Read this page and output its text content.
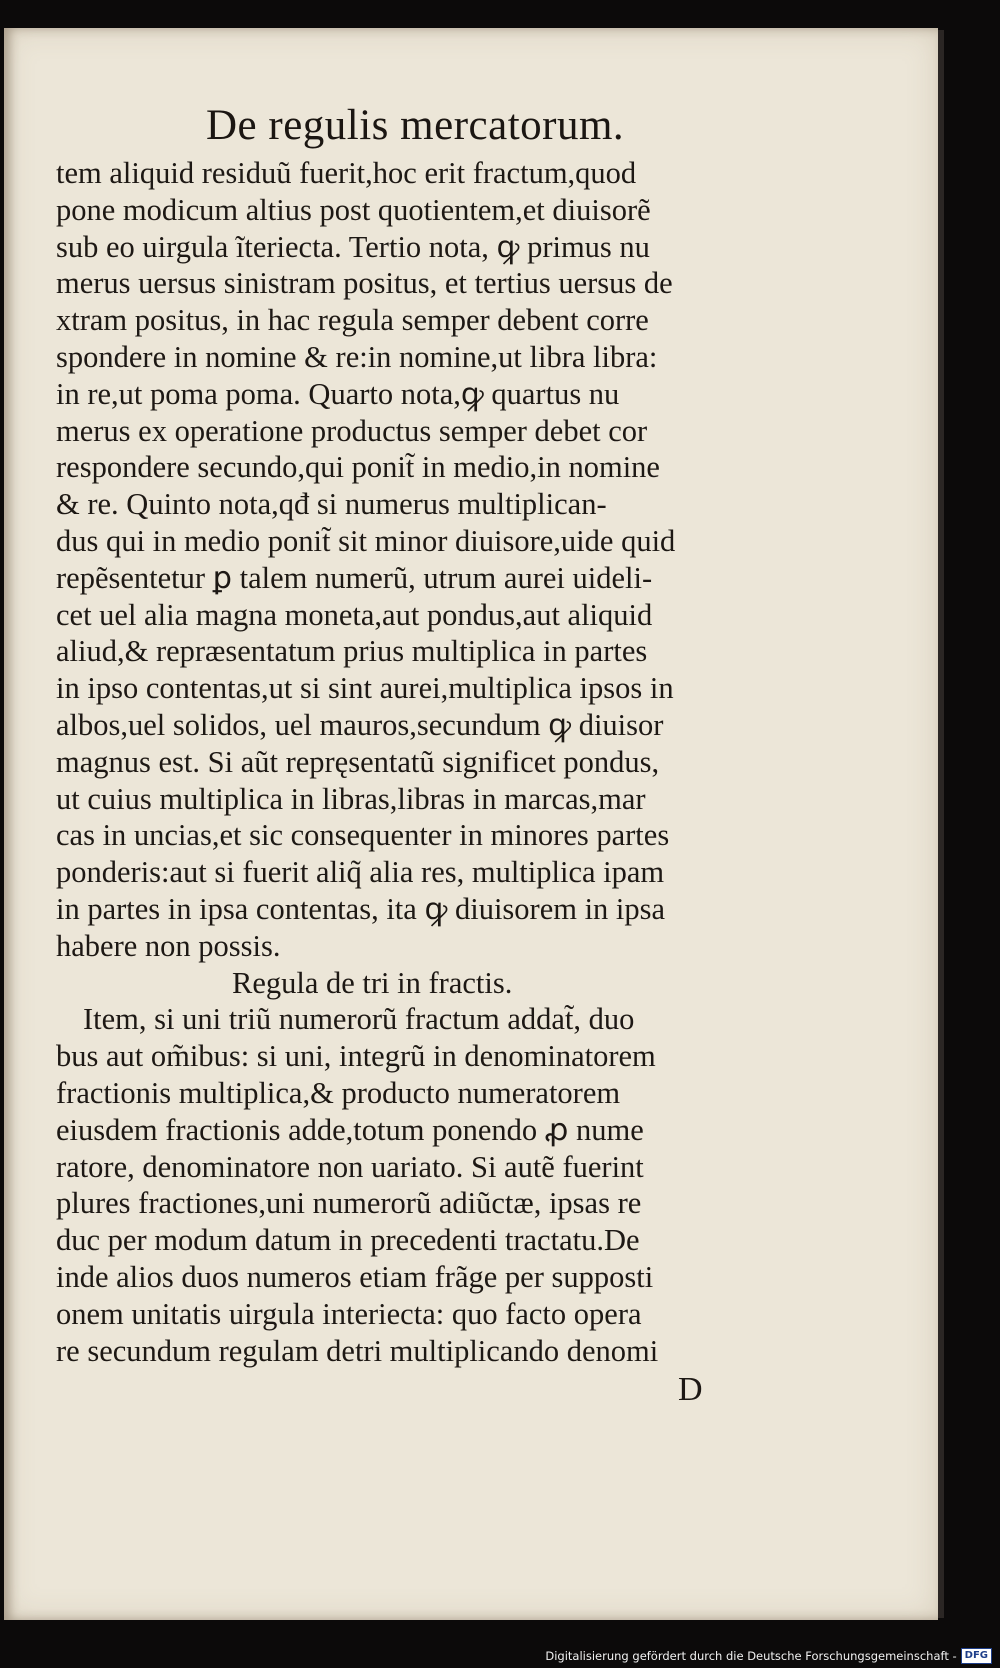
De regulis mercatorum.
tem aliquid residuũ fuerit,hoc erit fractum,quod
pone modicum altius post quotientem,et diuisorẽ
sub eo uirgula ĩteriecta. Tertio nota, ꝙ primus nu
merus uersus sinistram positus, et tertius uersus de
xtram positus, in hac regula semper debent corre
spondere in nomine & re:in nomine,ut libra libra:
in re,ut poma poma. Quarto nota,ꝙ quartus nu
merus ex operatione productus semper debet cor
respondere secundo,qui ponit̃ in medio,in nomine
& re. Quinto nota,qđ si numerus multiplican-
dus qui in medio ponit̃ sit minor diuisore,uide quid
repẽsentetur ꝑ talem numerũ, utrum aurei uideli-
cet uel alia magna moneta,aut pondus,aut aliquid
aliud,& repræsentatum prius multiplica in partes
in ipso contentas,ut si sint aurei,multiplica ipsos in
albos,uel solidos, uel mauros,secundum ꝙ diuisor
magnus est. Si aũt repręsentatũ significet pondus,
ut cuius multiplica in libras,libras in marcas,mar
cas in uncias,et sic consequenter in minores partes
ponderis:aut si fuerit aliq̃ alia res, multiplica ipam
in partes in ipsa contentas, ita ꝙ diuisorem in ipsa
habere non possis.
Regula de tri in fractis.
Item, si uni triũ numerorũ fractum addat̃, duo
bus aut om̃ibus: si uni, integrũ in denominatorem
fractionis multiplica,& producto numeratorem
eiusdem fractionis adde,totum ponendo ꝓ nume
ratore, denominatore non uariato. Si autẽ fuerint
plures fractiones,uni numerorũ adiũctæ, ipsas re
duc per modum datum in precedenti tractatu.De
inde alios duos numeros etiam frãge per supposti
onem unitatis uirgula interiecta: quo facto opera
re secundum regulam detri multiplicando denomi
D
Digitalisierung gefördert durch die Deutsche Forschungsgemeinschaft - DFG
